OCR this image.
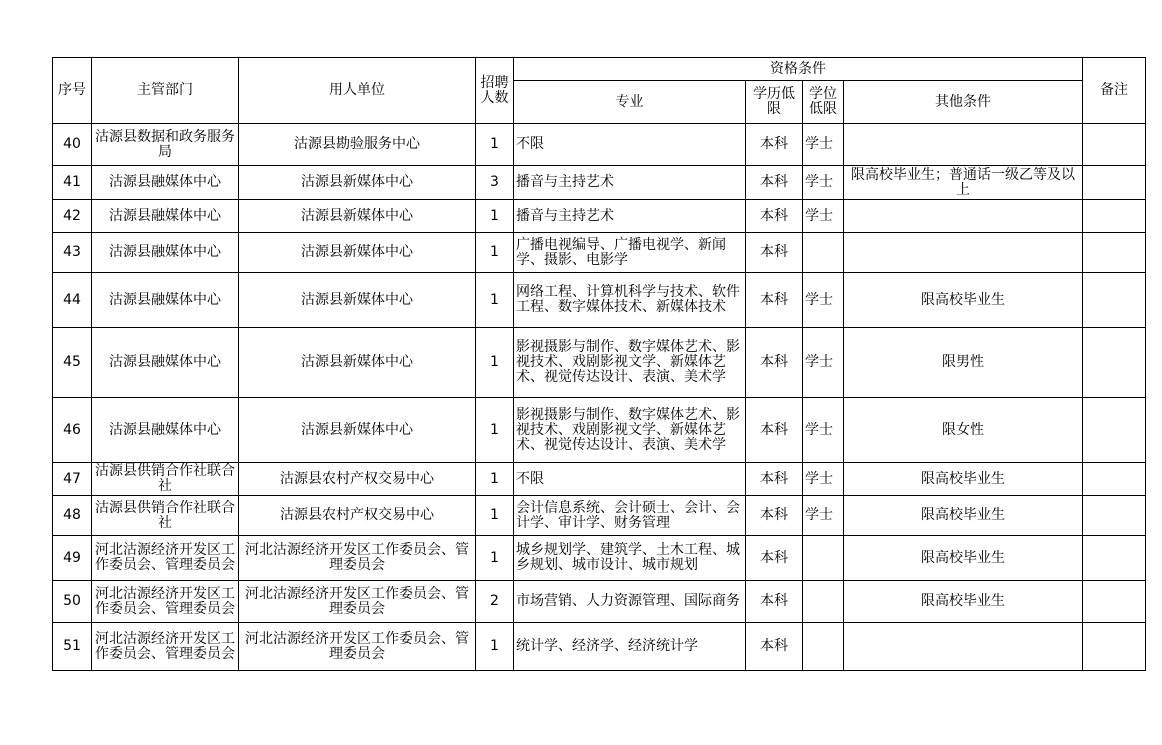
序号	主管部门	用人单位	招聘人数	资格条件				备注
				专业	学历低限	学位低限	其他条件	
40	沽源县数据和政务服务局	沽源县勘验服务中心	1	不限	本科	学士		
41	沽源县融媒体中心	沽源县新媒体中心	3	播音与主持艺术	本科	学士	限高校毕业生；普通话一级乙等及以上	
42	沽源县融媒体中心	沽源县新媒体中心	1	播音与主持艺术	本科	学士		
43	沽源县融媒体中心	沽源县新媒体中心	1	广播电视编导、广播电视学、新闻学、摄影、电影学	本科			
44	沽源县融媒体中心	沽源县新媒体中心	1	网络工程、计算机科学与技术、软件工程、数字媒体技术、新媒体技术	本科	学士	限高校毕业生	
45	沽源县融媒体中心	沽源县新媒体中心	1	影视摄影与制作、数字媒体艺术、影视技术、戏剧影视文学、新媒体艺术、视觉传达设计、表演、美术学	本科	学士	限男性	
46	沽源县融媒体中心	沽源县新媒体中心	1	影视摄影与制作、数字媒体艺术、影视技术、戏剧影视文学、新媒体艺术、视觉传达设计、表演、美术学	本科	学士	限女性	
47	沽源县供销合作社联合社	沽源县农村产权交易中心	1	不限	本科	学士	限高校毕业生	
48	沽源县供销合作社联合社	沽源县农村产权交易中心	1	会计信息系统、会计硕士、会计、会计学、审计学、财务管理	本科	学士	限高校毕业生	
49	河北沽源经济开发区工作委员会、管理委员会	河北沽源经济开发区工作委员会、管理委员会	1	城乡规划学、建筑学、土木工程、城乡规划、城市设计、城市规划	本科		限高校毕业生	
50	河北沽源经济开发区工作委员会、管理委员会	河北沽源经济开发区工作委员会、管理委员会	2	市场营销、人力资源管理、国际商务	本科		限高校毕业生	
51	河北沽源经济开发区工作委员会、管理委员会	河北沽源经济开发区工作委员会、管理委员会	1	统计学、经济学、经济统计学	本科			
